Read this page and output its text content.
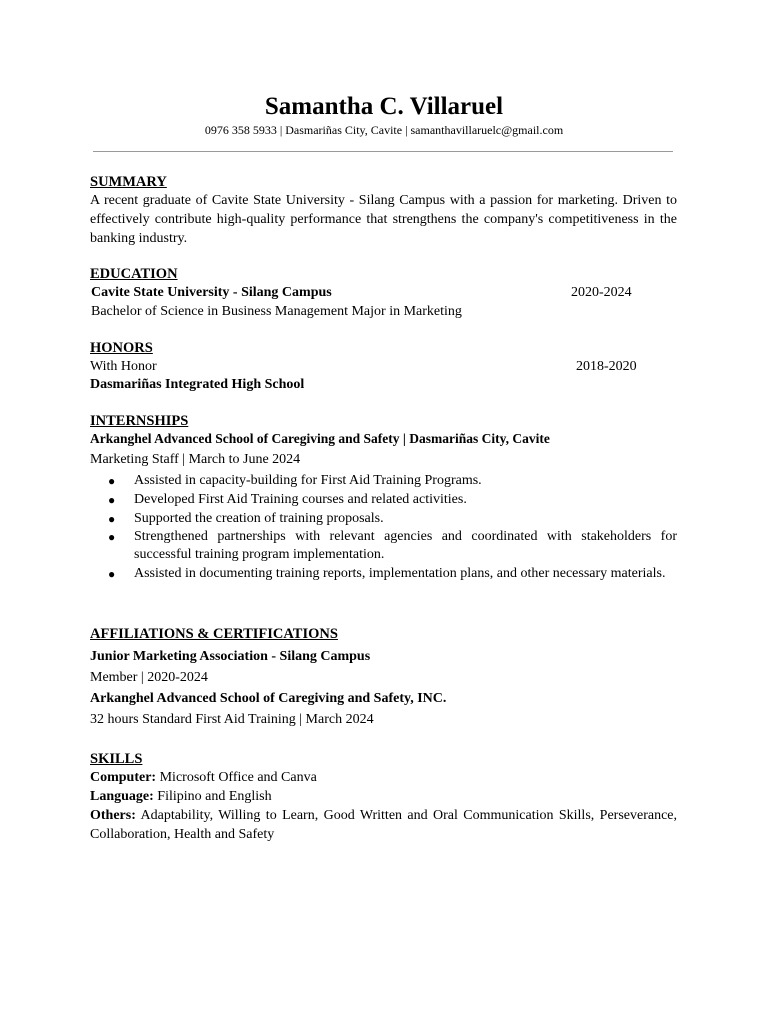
Samantha C. Villaruel
0976 358 5933 | Dasmariñas City, Cavite | samanthavillaruelc@gmail.com
SUMMARY
A recent graduate of Cavite State University - Silang Campus with a passion for marketing. Driven to effectively contribute high-quality performance that strengthens the company's competitiveness in the banking industry.
EDUCATION
Cavite State University - Silang Campus	2020-2024
Bachelor of Science in Business Management Major in Marketing
HONORS
With Honor	2018-2020
Dasmariñas Integrated High School
INTERNSHIPS
Arkanghel Advanced School of Caregiving and Safety | Dasmariñas City, Cavite
Marketing Staff | March to June 2024
● Assisted in capacity-building for First Aid Training Programs.
● Developed First Aid Training courses and related activities.
● Supported the creation of training proposals.
● Strengthened partnerships with relevant agencies and coordinated with stakeholders for successful training program implementation.
● Assisted in documenting training reports, implementation plans, and other necessary materials.
AFFILIATIONS & CERTIFICATIONS
Junior Marketing Association - Silang Campus
Member | 2020-2024
Arkanghel Advanced School of Caregiving and Safety, INC.
32 hours Standard First Aid Training | March 2024
SKILLS
Computer: Microsoft Office and Canva
Language: Filipino and English
Others: Adaptability, Willing to Learn, Good Written and Oral Communication Skills, Perseverance, Collaboration, Health and Safety
